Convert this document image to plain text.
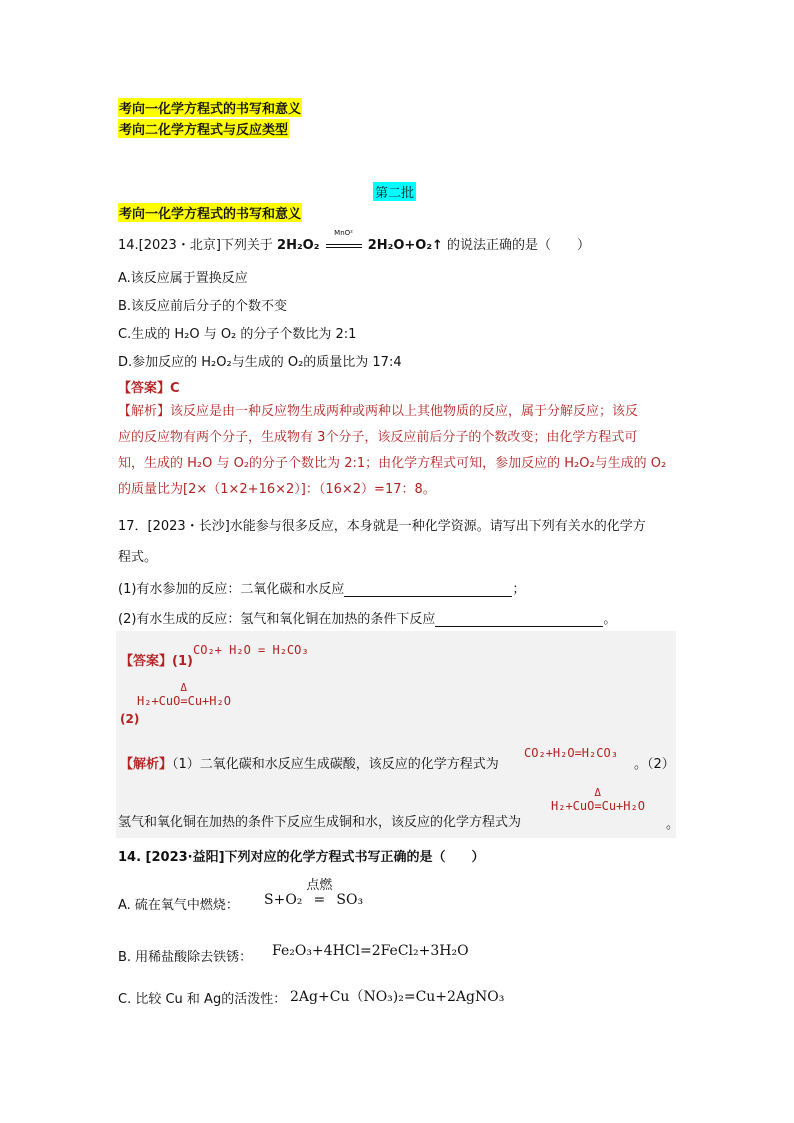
考向一化学方程式的书写和意义
考向二化学方程式与反应类型
第二批
考向一化学方程式的书写和意义
14.[2023・北京]下列关于 2H₂O₂
MnO²
2H₂O+O₂↑ 的说法正确的是（　　）
A.该反应属于置换反应
B.该反应前后分子的个数不变
C.生成的 H₂O 与 O₂ 的分子个数比为 2:1
D.参加反应的 H₂O₂与生成的 O₂的质量比为 17:4
【答案】C
【解析】该反应是由一种反应物生成两种或两种以上其他物质的反应，属于分解反应；该反
应的反应物有两个分子，生成物有 3个分子，该反应前后分子的个数改变；由化学方程式可
知，生成的 H₂O 与 O₂的分子个数比为 2:1；由化学方程式可知，参加反应的 H₂O₂与生成的 O₂
的质量比为[2×（1×2+16×2）]：（16×2）=17：8。
17．[2023・长沙]水能参与很多反应，本身就是一种化学资源。请写出下列有关水的化学方
程式。
(1)有水参加的反应：二氧化碳和水反应	；
(2)有水生成的反应：氢气和氧化铜在加热的条件下反应	。
【答案】(1)
CO₂+ H₂O = H₂CO₃
H₂+CuO
Δ
=Cu+H₂O
(2)
【解析】（1）二氧化碳和水反应生成碳酸，该反应的化学方程式为
CO₂+H₂O=H₂CO₃
。（2）
氢气和氧化铜在加热的条件下反应生成铜和水，该反应的化学方程式为
H₂+CuO
Δ
=Cu+H₂O
。
14. [2023·益阳]下列对应的化学方程式书写正确的是（　　）
A. 硫在氧气中燃烧： S+O₂
点燃
= SO₃
B. 用稀盐酸除去铁锈： Fe₂O₃+4HCl=2FeCl₂+3H₂O
C. 比较 Cu 和 Ag的活泼性： 2Ag+Cu（NO₃)₂=Cu+2AgNO₃
